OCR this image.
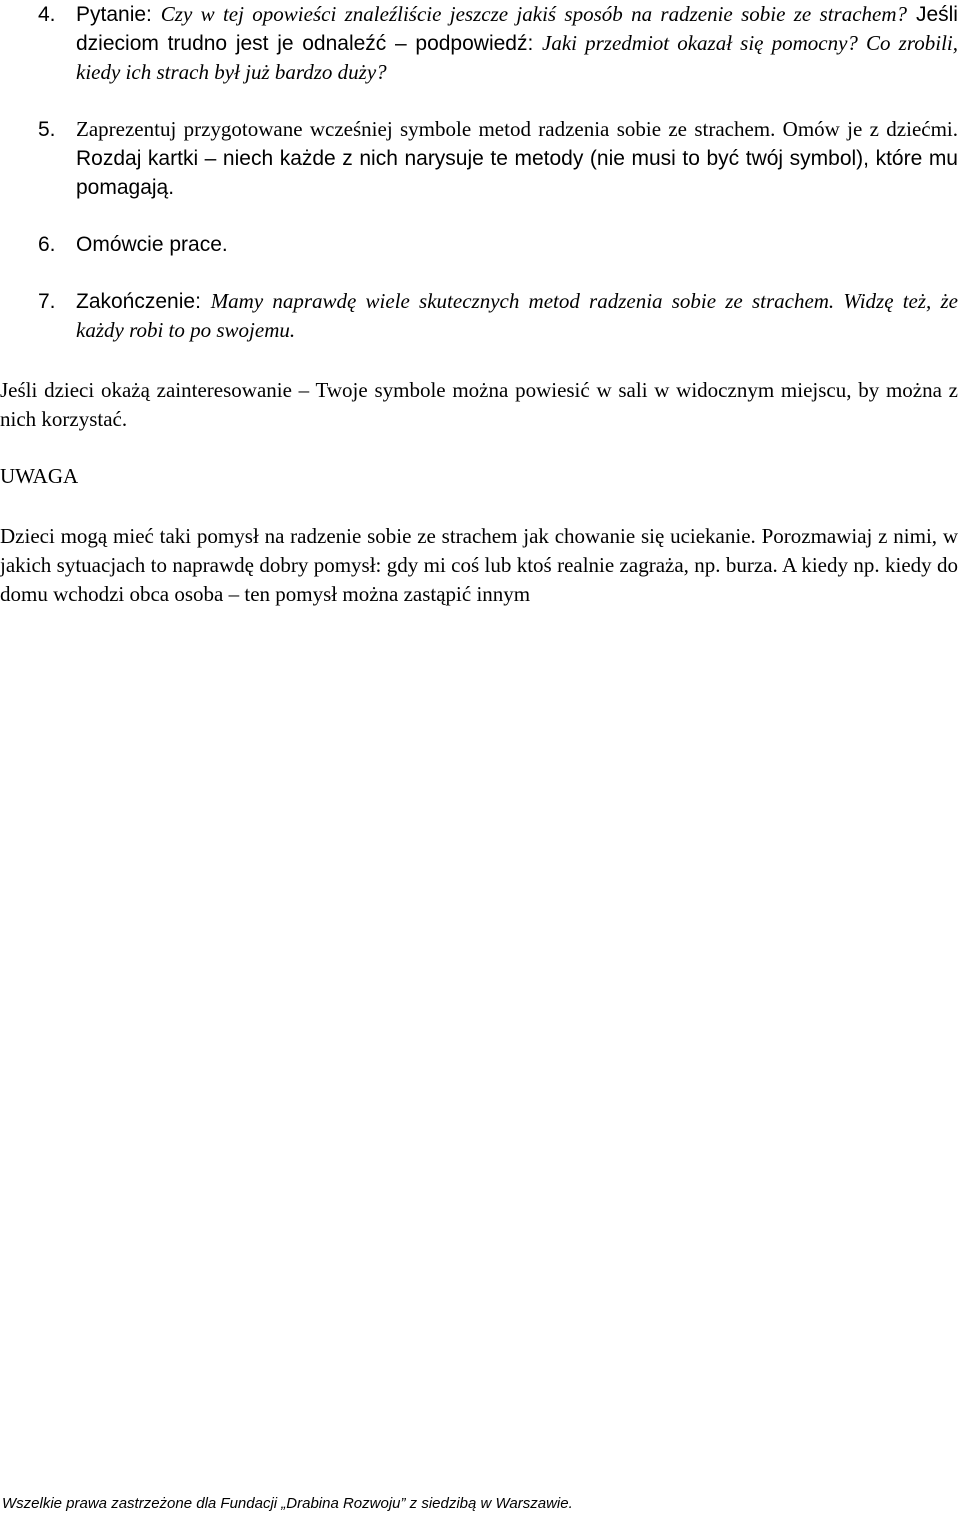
4. Pytanie: Czy w tej opowieści znaleźliście jeszcze jakiś sposób na radzenie sobie ze strachem? Jeśli dzieciom trudno jest je odnaleźć – podpowiedź: Jaki przedmiot okazał się pomocny? Co zrobili, kiedy ich strach był już bardzo duży?
5. Zaprezentuj przygotowane wcześniej symbole metod radzenia sobie ze strachem. Omów je z dziećmi. Rozdaj kartki – niech każde z nich narysuje te metody (nie musi to być twój symbol), które mu pomagają.
6. Omówcie prace.
7. Zakończenie: Mamy naprawdę wiele skutecznych metod radzenia sobie ze strachem. Widzę też, że każdy robi to po swojemu.

Jeśli dzieci okażą zainteresowanie – Twoje symbole można powiesić w sali w widocznym miejscu, by można z nich korzystać.

UWAGA

Dzieci mogą mieć taki pomysł na radzenie sobie ze strachem jak chowanie się uciekanie. Porozmawiaj z nimi, w jakich sytuacjach to naprawdę dobry pomysł: gdy mi coś lub ktoś realnie zagraża, np. burza. A kiedy np. kiedy do domu wchodzi obca osoba – ten pomysł można zastąpić innym

Wszelkie prawa zastrzeżone dla Fundacji „Drabina Rozwoju” z siedzibą w Warszawie.
